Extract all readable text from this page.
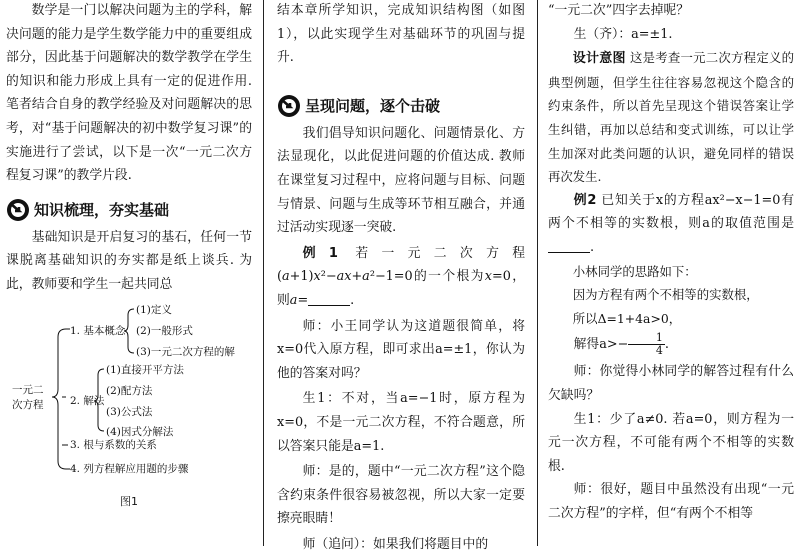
数学是一门以解决问题为主的学科，解决问题的能力是学生数学能力中的重要组成部分，因此基于问题解决的数学教学在学生的知识和能力形成上具有一定的促进作用. 笔者结合自身的教学经验及对问题解决的思考，对“基于问题解决的初中数学复习课”的实施进行了尝试，以下是一次“一元二次方程复习课”的教学片段.

知识梳理，夯实基础

基础知识是开启复习的基石，任何一节课脱离基础知识的夯实都是纸上谈兵. 为此，教师要和学生一起共同总

一元二次方程
1. 基本概念
(1)定义
(2)一般形式
(3)一元二次方程的解
2. 解法
(1)直接开平方法
(2)配方法
(3)公式法
(4)因式分解法
3. 根与系数的关系
4. 列方程解应用题的步骤
图1

结本章所学知识，完成知识结构图（如图1），以此实现学生对基础环节的巩固与提升.

呈现问题，逐个击破

我们倡导知识问题化、问题情景化、方法显现化，以此促进问题的价值达成. 教师在课堂复习过程中，应将问题与目标、问题与情景、问题与生成等环节相互融合，并通过活动实现逐一突破.

例1 若一元二次方程(a+1)x²−ax+a²−1=0的一个根为x=0，则a=	.

师：小王同学认为这道题很简单，将x=0代入原方程，即可求出a=±1，你认为他的答案对吗？

生1：不对，当a=−1时，原方程为x=0，不是一元二次方程，不符合题意，所以答案只能是a=1.

师：是的，题中“一元二次方程”这个隐含约束条件很容易被忽视，所以大家一定要擦亮眼睛！

师（追问）：如果我们将题目中的

“一元二次”四字去掉呢？

生（齐）：a=±1.

设计意图 这是考查一元二次方程定义的典型例题，但学生往往容易忽视这个隐含的约束条件，所以首先呈现这个错误答案让学生纠错，再加以总结和变式训练，可以让学生加深对此类问题的认识，避免同样的错误再次发生.

例2 已知关于x的方程ax²−x−1=0有两个不相等的实数根，则a的取值范围是.

小林同学的思路如下：

因为方程有两个不相等的实数根，

所以Δ=1+4a>0，

解得$a>- \frac{1}{4}$ .

师：你觉得小林同学的解答过程有什么欠缺吗？

生1：少了a≠0. 若a=0，则方程为一元一次方程，不可能有两个不相等的实数根.

师：很好，题目中虽然没有出现“一元二次方程”的字样，但“有两个不相等
